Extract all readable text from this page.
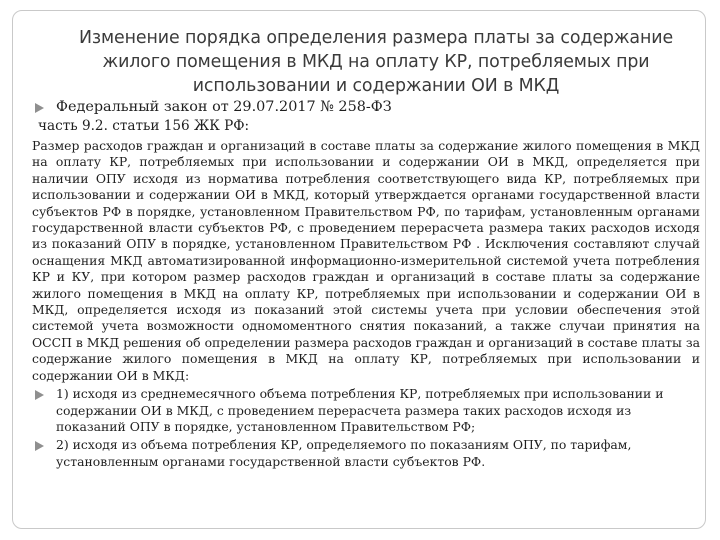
Изменение порядка определения размера платы за содержание
жилого помещения в МКД на оплату КР, потребляемых при
использовании и содержании ОИ в МКД
Федеральный закон от 29.07.2017 № 258-ФЗ
часть 9.2. статьи 156 ЖК РФ:

Размер расходов граждан и организаций в составе платы за содержание жилого помещения в МКД на оплату КР, потребляемых при использовании и содержании ОИ в МКД, определяется при наличии ОПУ исходя из норматива потребления соответствующего вида КР, потребляемых при использовании и содержании ОИ в МКД, который утверждается органами государственной власти субъектов РФ в порядке, установленном Правительством РФ, по тарифам, установленным органами государственной власти субъектов РФ, с проведением перерасчета размера таких расходов исходя из показаний ОПУ в порядке, установленном Правительством РФ . Исключения составляют случай оснащения МКД автоматизированной информационно-измерительной системой учета потребления КР и КУ, при котором размер расходов граждан и организаций в составе платы за содержание жилого помещения в МКД на оплату КР, потребляемых при использовании и содержании ОИ в МКД, определяется исходя из показаний этой системы учета при условии обеспечения этой системой учета возможности одномоментного снятия показаний, а также случаи принятия на ОССП в МКД решения об определении размера расходов граждан и организаций в составе платы за содержание жилого помещения в МКД на оплату КР, потребляемых при использовании и содержании ОИ в МКД:

1) исходя из среднемесячного объема потребления КР, потребляемых при использовании и содержании ОИ в МКД, с проведением перерасчета размера таких расходов исходя из показаний ОПУ в порядке, установленном Правительством РФ;
2) исходя из объема потребления КР, определяемого по показаниям ОПУ, по тарифам, установленным органами государственной власти субъектов РФ.
